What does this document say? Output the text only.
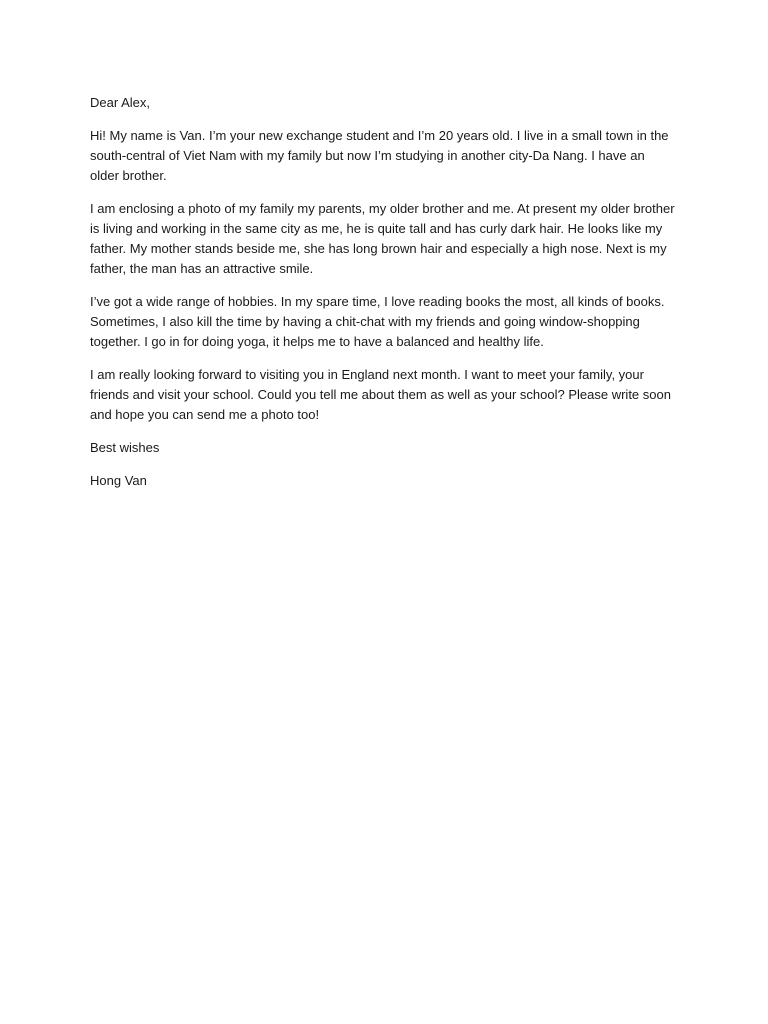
Dear Alex,

Hi! My name is Van. I’m your new exchange student and I’m 20 years old. I live in a small town in the south-central of Viet Nam with my family but now I’m studying in another city-Da Nang. I have an older brother.

I am enclosing a photo of my family my parents, my older brother and me. At present my older brother is living and working in the same city as me, he is quite tall and has curly dark hair. He looks like my father. My mother stands beside me, she has long brown hair and especially a high nose. Next is my father, the man has an attractive smile.

I’ve got a wide range of hobbies. In my spare time, I love reading books the most, all kinds of books. Sometimes, I also kill the time by having a chit-chat with my friends and going window-shopping together. I go in for doing yoga, it helps me to have a balanced and healthy life.

I am really looking forward to visiting you in England next month. I want to meet your family, your friends and visit your school. Could you tell me about them as well as your school? Please write soon and hope you can send me a photo too!

Best wishes

Hong Van
